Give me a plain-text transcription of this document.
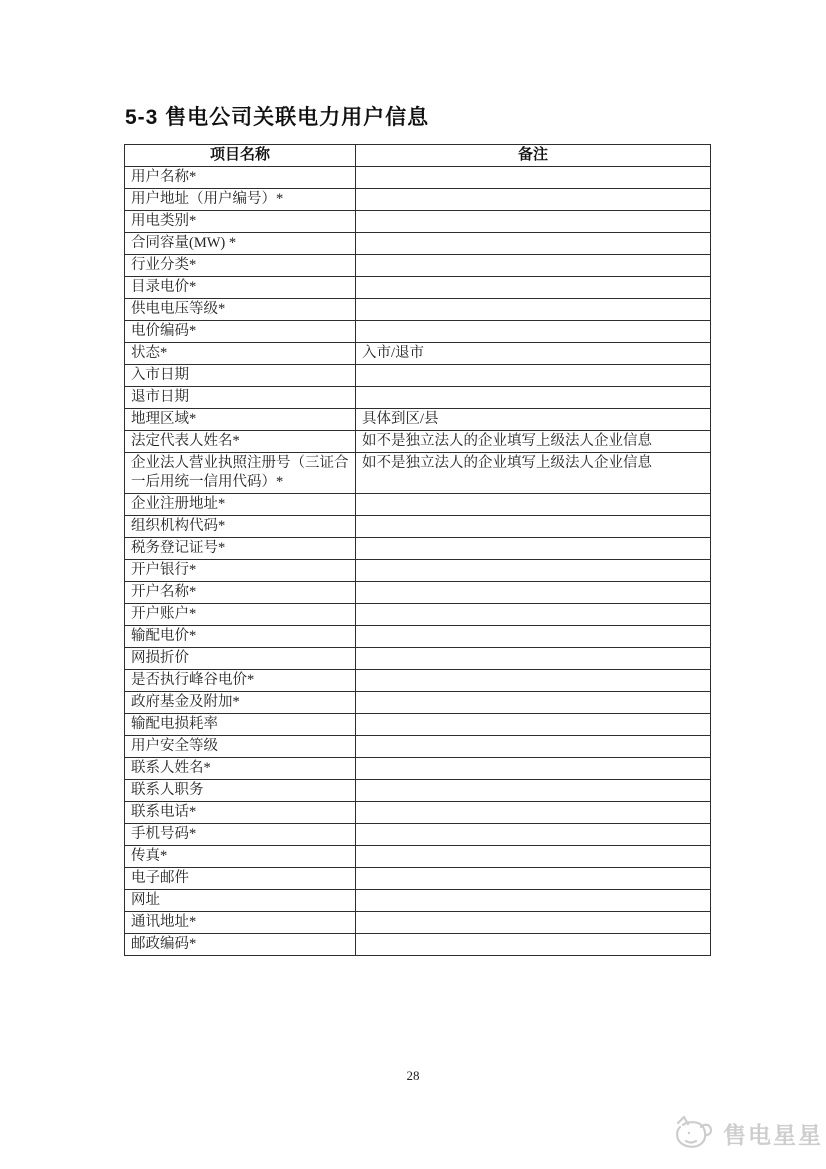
5-3 售电公司关联电力用户信息
项目名称	备注
用户名称*	
用户地址（用户编号）*	
用电类别*	
合同容量(MW) *	
行业分类*	
目录电价*	
供电电压等级*	
电价编码*	
状态*	入市/退市
入市日期	
退市日期	
地理区域*	具体到区/县
法定代表人姓名*	如不是独立法人的企业填写上级法人企业信息
企业法人营业执照注册号（三证合一后用统一信用代码）*	如不是独立法人的企业填写上级法人企业信息
企业注册地址*	
组织机构代码*	
税务登记证号*	
开户银行*	
开户名称*	
开户账户*	
输配电价*	
网损折价	
是否执行峰谷电价*	
政府基金及附加*	
输配电损耗率	
用户安全等级	
联系人姓名*	
联系人职务	
联系电话*	
手机号码*	
传真*	
电子邮件	
网址	
通讯地址*	
邮政编码*	
28
售电星星
